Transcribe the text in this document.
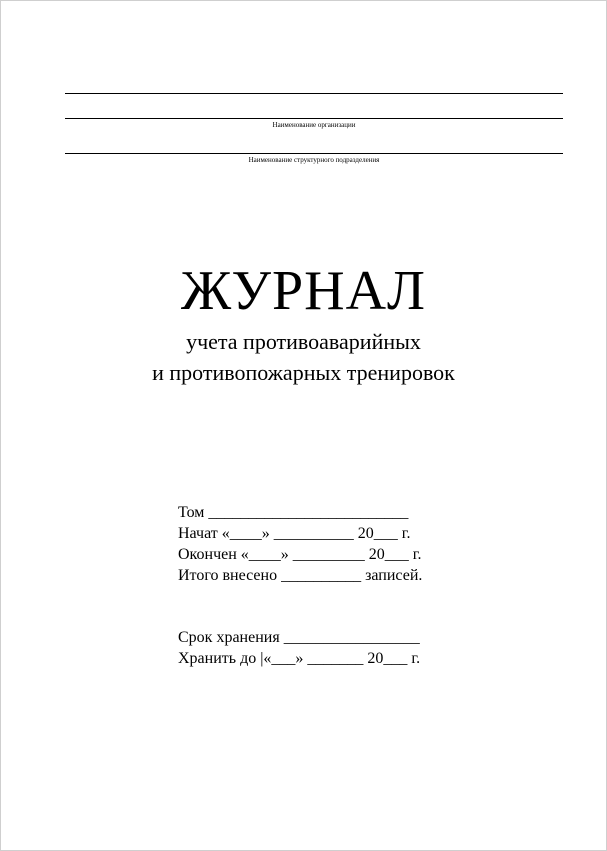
Наименование организации
Наименование структурного подразделения
ЖУРНАЛ
учета противоаварийных
и противопожарных тренировок
Том _________________________
Начат «____» __________ 20___ г.
Окончен «____» _________ 20___ г.
Итого внесено __________ записей.
Срок хранения _________________
Хранить до |«___» _______ 20___ г.
